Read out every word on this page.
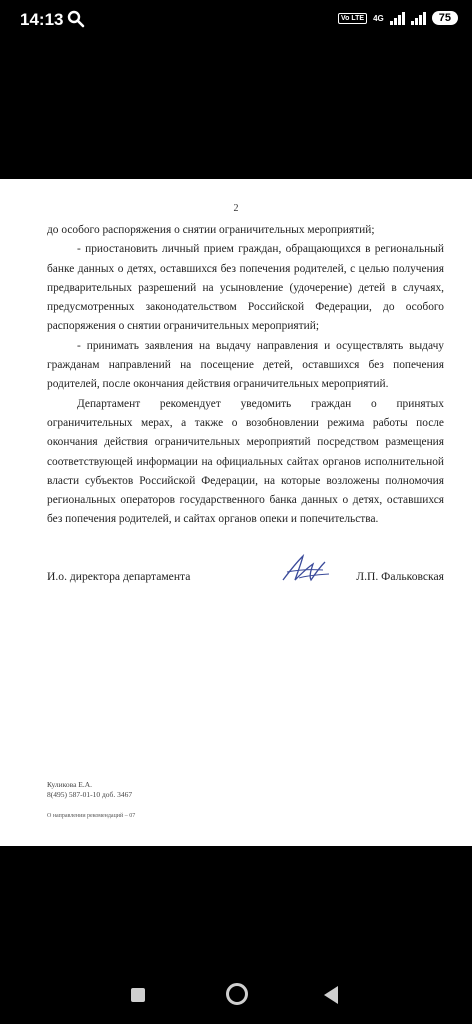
14:13	Vo LTE	4G	75
2

до особого распоряжения о снятии ограничительных мероприятий;

- приостановить личный прием граждан, обращающихся в региональный банке данных о детях, оставшихся без попечения родителей, с целью получения предварительных разрешений на усыновление (удочерение) детей в случаях, предусмотренных законодательством Российской Федерации, до особого распоряжения о снятии ограничительных мероприятий;

- принимать заявления на выдачу направления и осуществлять выдачу гражданам направлений на посещение детей, оставшихся без попечения родителей, после окончания действия ограничительных мероприятий.

Департамент рекомендует уведомить граждан о принятых ограничительных мерах, а также о возобновлении режима работы после окончания действия ограничительных мероприятий посредством размещения соответствующей информации на официальных сайтах органов исполнительной власти субъектов Российской Федерации, на которые возложены полномочия региональных операторов государственного банка данных о детях, оставшихся без попечения родителей, и сайтах органов опеки и попечительства.

И.о. директора департамента	Л.П. Фальковская
Куликова Е.А.
8(495) 587-01-10 доб. 3467
О направлении рекомендаций – 07
